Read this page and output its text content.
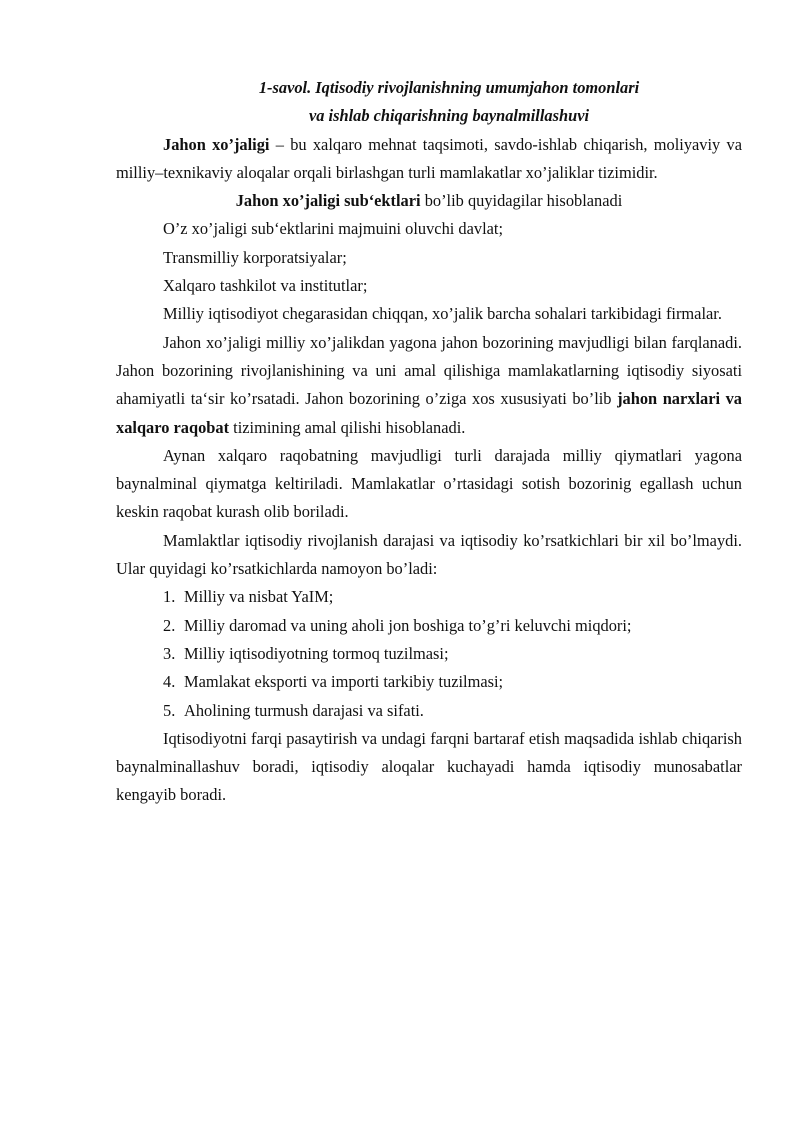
1-savol. Iqtisodiy rivojlanishning umumjahon tomonlari

va ishlab chiqarishning baynalmillashuvi

Jahon xo’jaligi – bu xalqaro mehnat taqsimoti, savdo-ishlab chiqarish, moliyaviy va milliy–texnikaviy aloqalar orqali birlashgan turli mamlakatlar xo’jaliklar tizimidir.

Jahon xo’jaligi sub‘ektlari bo’lib quyidagilar hisoblanadi

O’z xo’jaligi sub‘ektlarini majmuini oluvchi davlat;

Transmilliy korporatsiyalar;

Xalqaro tashkilot va institutlar;

Milliy iqtisodiyot chegarasidan chiqqan, xo’jalik barcha sohalari tarkibidagi firmalar.

Jahon xo’jaligi milliy xo’jalikdan yagona jahon bozorining mavjudligi bilan farqlanadi. Jahon bozorining rivojlanishining va uni amal qilishiga mamlakatlarning iqtisodiy siyosati ahamiyatli ta‘sir ko’rsatadi. Jahon bozorining o’ziga xos xususiyati bo’lib jahon narxlari va xalqaro raqobat tizimining amal qilishi hisoblanadi.

Aynan xalqaro raqobatning mavjudligi turli darajada milliy qiymatlari yagona baynalminal qiymatga keltiriladi. Mamlakatlar o’rtasidagi sotish bozorinig egallash uchun keskin raqobat kurash olib boriladi.

Mamlaktlar iqtisodiy rivojlanish darajasi va iqtisodiy ko’rsatkichlari bir xil bo’lmaydi. Ular quyidagi ko’rsatkichlarda namoyon bo’ladi:

1. Milliy va nisbat YaIM;
2. Milliy daromad va uning aholi jon boshiga to’g’ri keluvchi miqdori;
3. Milliy iqtisodiyotning tormoq tuzilmasi;
4. Mamlakat eksporti va importi tarkibiy tuzilmasi;
5. Aholining turmush darajasi va sifati.

Iqtisodiyotni farqi pasaytirish va undagi farqni bartaraf etish maqsadida ishlab chiqarish baynalminallashuv boradi, iqtisodiy aloqalar kuchayadi hamda iqtisodiy munosabatlar kengayib boradi.
